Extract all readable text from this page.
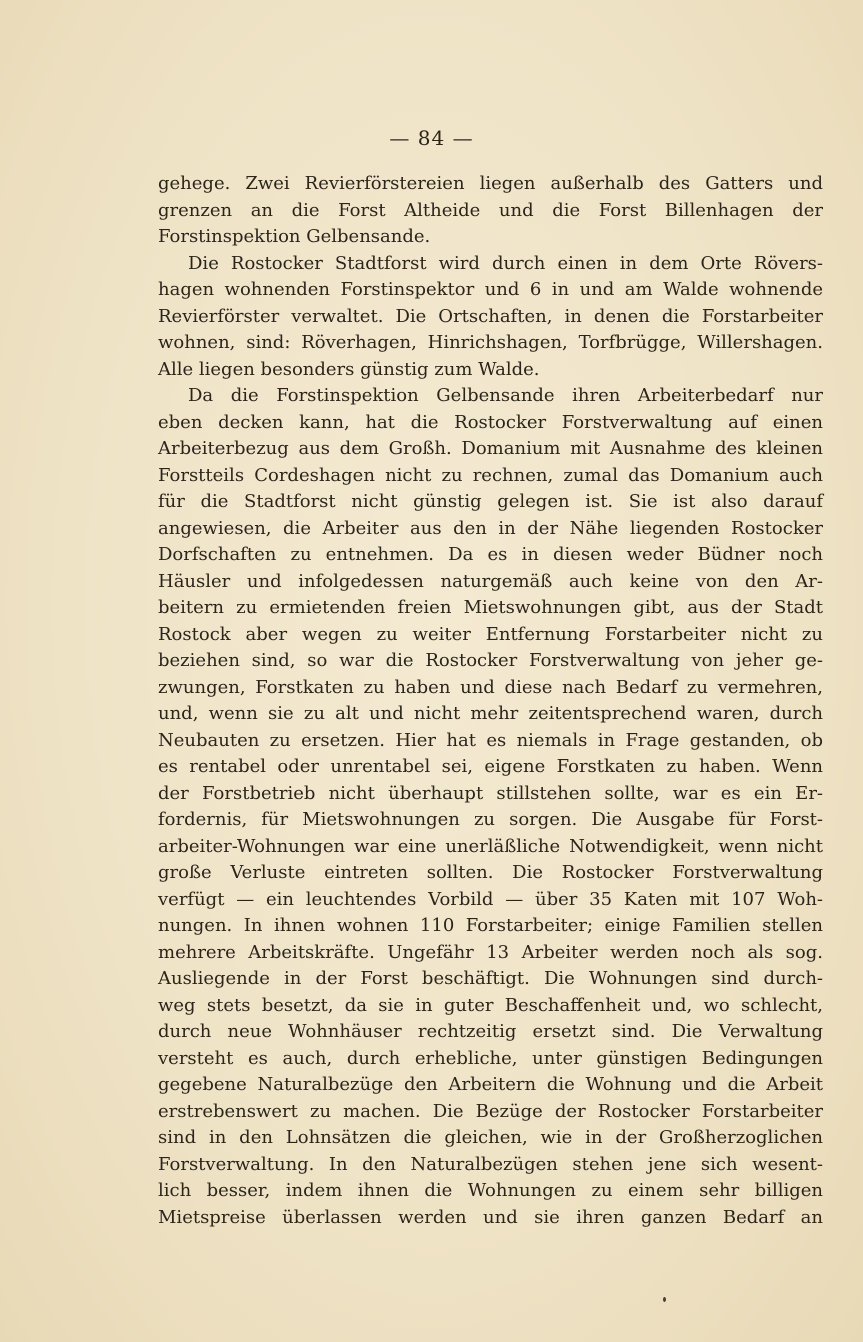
— 84 —
gehege. Zwei Revierförstereien liegen außerhalb des Gatters und
grenzen an die Forst Altheide und die Forst Billenhagen der
Forstinspektion Gelbensande.
Die Rostocker Stadtforst wird durch einen in dem Orte Rövers-
hagen wohnenden Forstinspektor und 6 in und am Walde wohnende
Revierförster verwaltet. Die Ortschaften, in denen die Forstarbeiter
wohnen, sind: Röverhagen, Hinrichshagen, Torfbrügge, Willershagen.
Alle liegen besonders günstig zum Walde.
Da die Forstinspektion Gelbensande ihren Arbeiterbedarf nur
eben decken kann, hat die Rostocker Forstverwaltung auf einen
Arbeiterbezug aus dem Großh. Domanium mit Ausnahme des kleinen
Forstteils Cordeshagen nicht zu rechnen, zumal das Domanium auch
für die Stadtforst nicht günstig gelegen ist. Sie ist also darauf
angewiesen, die Arbeiter aus den in der Nähe liegenden Rostocker
Dorfschaften zu entnehmen. Da es in diesen weder Büdner noch
Häusler und infolgedessen naturgemäß auch keine von den Ar-
beitern zu ermietenden freien Mietswohnungen gibt, aus der Stadt
Rostock aber wegen zu weiter Entfernung Forstarbeiter nicht zu
beziehen sind, so war die Rostocker Forstverwaltung von jeher ge-
zwungen, Forstkaten zu haben und diese nach Bedarf zu vermehren,
und, wenn sie zu alt und nicht mehr zeitentsprechend waren, durch
Neubauten zu ersetzen. Hier hat es niemals in Frage gestanden, ob
es rentabel oder unrentabel sei, eigene Forstkaten zu haben. Wenn
der Forstbetrieb nicht überhaupt stillstehen sollte, war es ein Er-
fordernis, für Mietswohnungen zu sorgen. Die Ausgabe für Forst-
arbeiter-Wohnungen war eine unerläßliche Notwendigkeit, wenn nicht
große Verluste eintreten sollten. Die Rostocker Forstverwaltung
verfügt — ein leuchtendes Vorbild — über 35 Katen mit 107 Woh-
nungen. In ihnen wohnen 110 Forstarbeiter; einige Familien stellen
mehrere Arbeitskräfte. Ungefähr 13 Arbeiter werden noch als sog.
Ausliegende in der Forst beschäftigt. Die Wohnungen sind durch-
weg stets besetzt, da sie in guter Beschaffenheit und, wo schlecht,
durch neue Wohnhäuser rechtzeitig ersetzt sind. Die Verwaltung
versteht es auch, durch erhebliche, unter günstigen Bedingungen
gegebene Naturalbezüge den Arbeitern die Wohnung und die Arbeit
erstrebenswert zu machen. Die Bezüge der Rostocker Forstarbeiter
sind in den Lohnsätzen die gleichen, wie in der Großherzoglichen
Forstverwaltung. In den Naturalbezügen stehen jene sich wesent-
lich besser, indem ihnen die Wohnungen zu einem sehr billigen
Mietspreise überlassen werden und sie ihren ganzen Bedarf an
